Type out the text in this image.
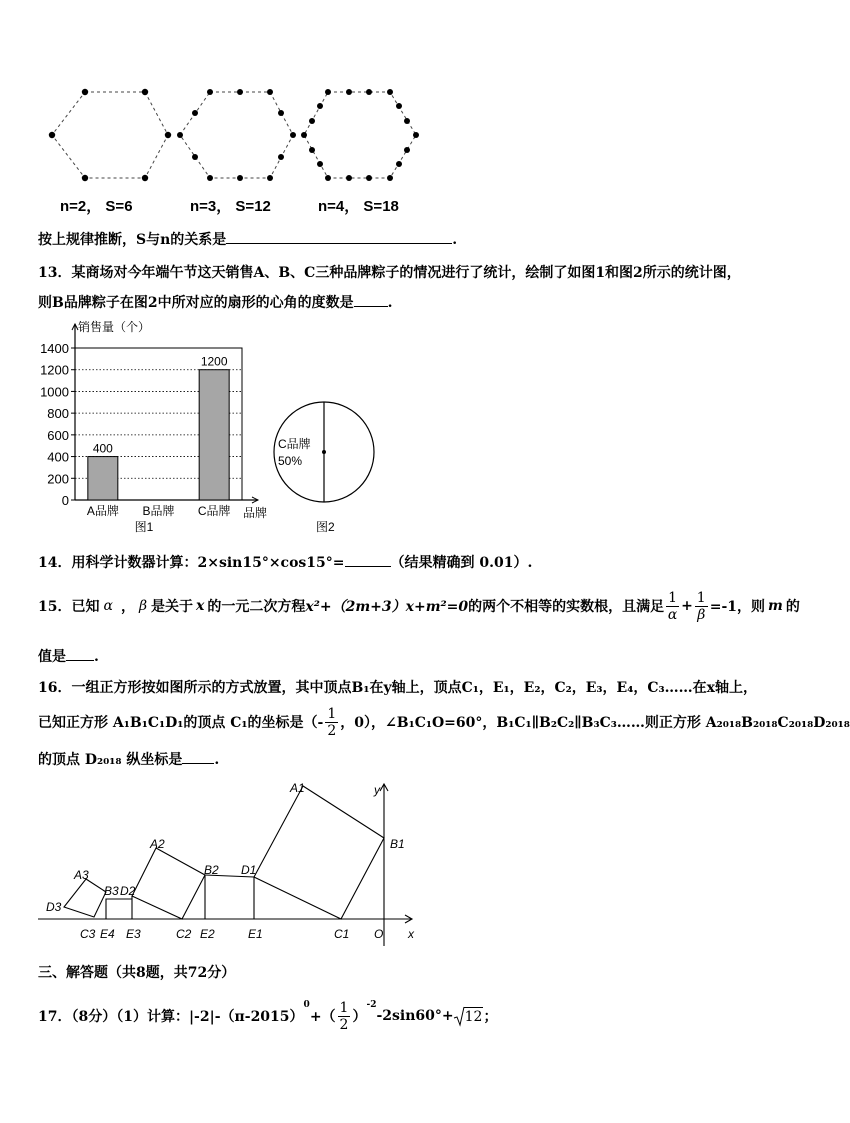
n=2， S=6	n=3， S=12	n=4， S=18
按上规律推断，S与n的关系是	.
13．某商场对今年端午节这天销售A、B、C三种品牌粽子的情况进行了统计，绘制了如图1和图2所示的统计图，
则B品牌粽子在图2中所对应的扇形的心角的度数是 .
0
200
400
600
800
1000
1200
1400
销售量（个）
400
A品牌 B品牌
1200
C品牌 品牌
图1
C品牌
50%
图2
14．用科学计数器计算：2×sin15°×cos15°=	（结果精确到 0.01）.
15．已知 α ， β 是关于 x 的一元二次方程 x²+（2m+3）x+m²=0 的两个不相等的实数根，且满足 $\frac{1}{\alpha} + \frac{1}{\beta} =-1$，则 m 的
值是 .
16．一组正方形按如图所示的方式放置，其中顶点B₁在y轴上，顶点C₁，E₁，E₂，C₂，E₃，E₄，C₃……在x轴上，
已知正方形 A₁B₁C₁D₁的顶点 C₁的坐标是（- $\frac{1}{2}$ ，0），∠B₁C₁O=60°，B₁C₁∥B₂C₂∥B₃C₃……则正方形 A₂₀₁₈B₂₀₁₈C₂₀₁₈D₂₀₁₈
的顶点 D₂₀₁₈ 纵坐标是 .
A1
B1
C1
D1
E1
A2
B2
C2
D2
E2
A3
B3
C3
D3
E3
E4	O x
y
三、解答题（共8题，共72分）
17．（8分）（1）计算：|-2|-（π-2015）
$^0$
+（ $\frac{1}{2}$ ）
$^{-2}$
-2sin60°+ 12 ；
